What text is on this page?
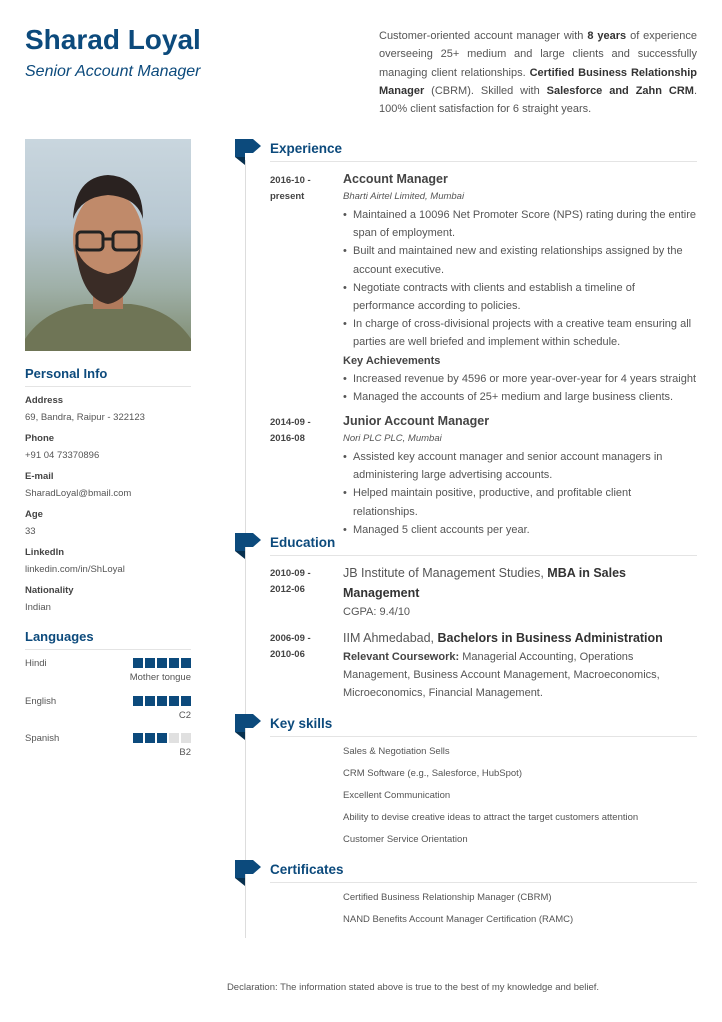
Sharad Loyal
Senior Account Manager
Customer-oriented account manager with 8 years of experience overseeing 25+ medium and large clients and successfully managing client relationships. Certified Business Relationship Manager (CBRM). Skilled with Salesforce and Zahn CRM. 100% client satisfaction for 6 straight years.
Personal Info
Address
69, Bandra, Raipur - 322123
Phone
+91 04 73370896
E-mail
SharadLoyal@bmail.com
Age
33
LinkedIn
linkedin.com/in/ShLoyal
Nationality
Indian
Languages
Hindi
Mother tongue
English
C2
Spanish
B2
Experience
2016-10 -
present
Account Manager
Bharti Airtel Limited, Mumbai
• Maintained a 10096 Net Promoter Score (NPS) rating during the entire span of employment.
• Built and maintained new and existing relationships assigned by the account executive.
• Negotiate contracts with clients and establish a timeline of performance according to policies.
• In charge of cross-divisional projects with a creative team ensuring all parties are well briefed and implement within schedule.
Key Achievements
• Increased revenue by 4596 or more year-over-year for 4 years straight
• Managed the accounts of 25+ medium and large business clients.
2014-09 -
2016-08
Junior Account Manager
Nori PLC PLC, Mumbai
• Assisted key account manager and senior account managers in administering large advertising accounts.
• Helped maintain positive, productive, and profitable client relationships.
• Managed 5 client accounts per year.
Education
2010-09 -
2012-06
JB Institute of Management Studies, MBA in Sales Management
CGPA: 9.4/10
2006-09 -
2010-06
IIM Ahmedabad, Bachelors in Business Administration
Relevant Coursework: Managerial Accounting, Operations Management, Business Account Management, Macroeconomics, Microeconomics, Financial Management.
Key skills
Sales & Negotiation Sells
CRM Software (e.g., Salesforce, HubSpot)
Excellent Communication
Ability to devise creative ideas to attract the target customers attention
Customer Service Orientation
Certificates
Certified Business Relationship Manager (CBRM)
NAND Benefits Account Manager Certification (RAMC)
Declaration: The information stated above is true to the best of my knowledge and belief.
